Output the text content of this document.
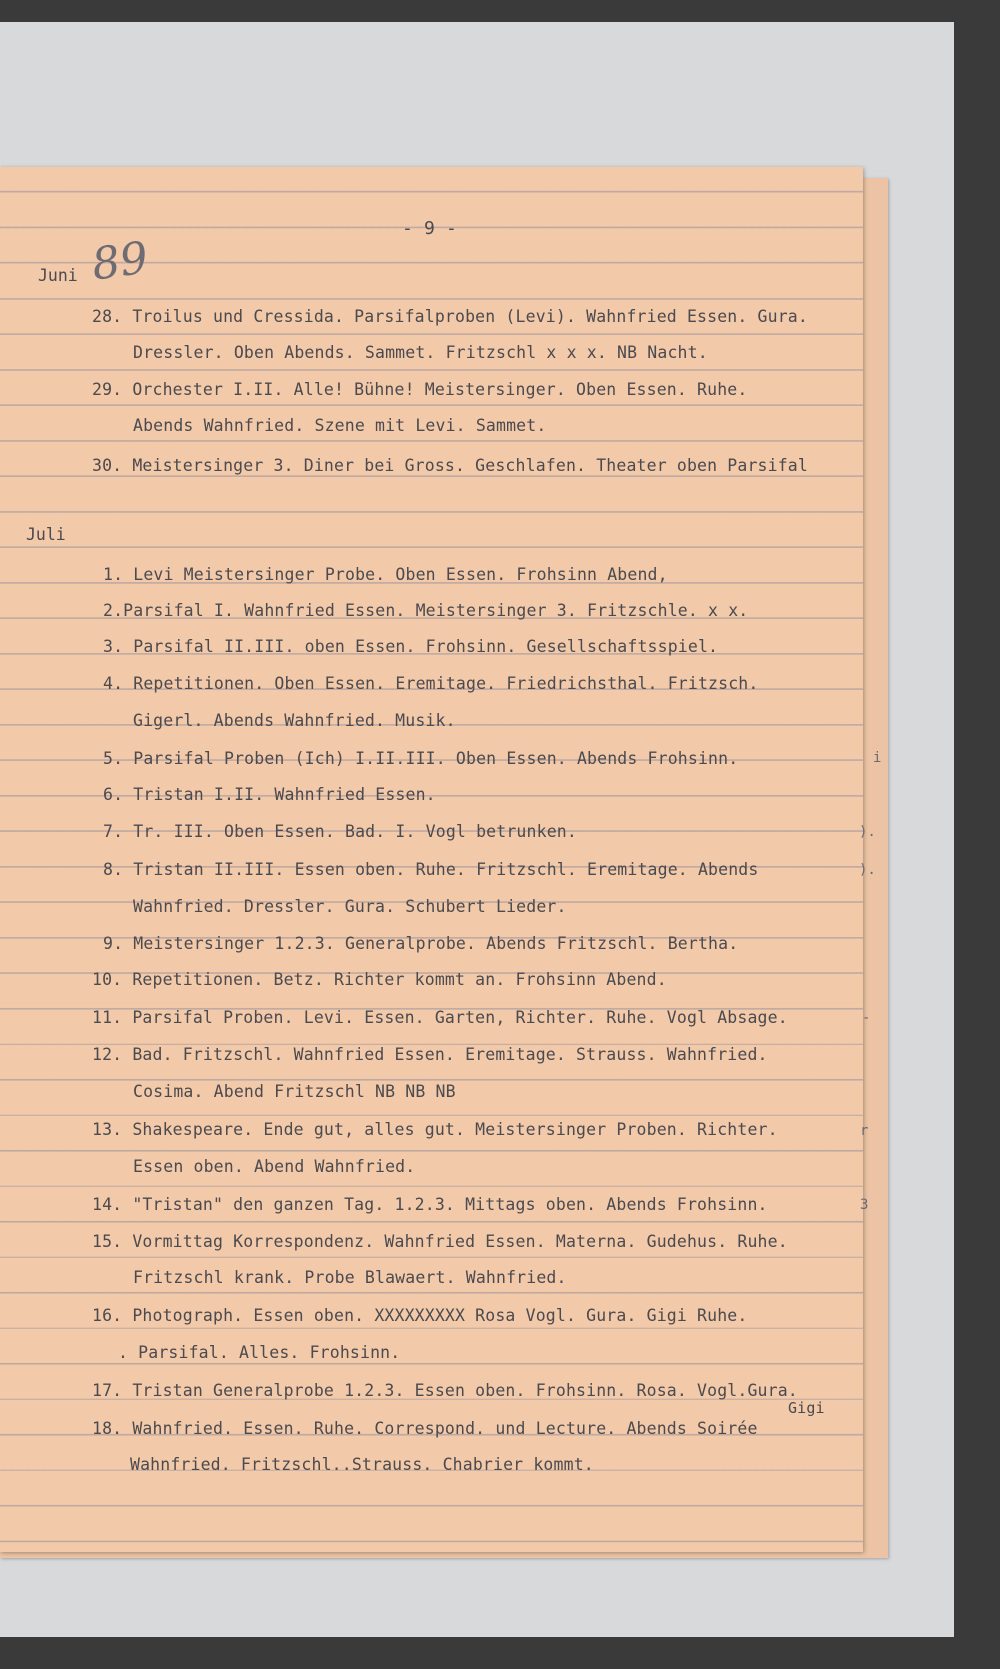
- 9 -
Juni 89
Juli
28. Troilus und Cressida. Parsifalproben (Levi). Wahnfried Essen. Gura.
Dressler. Oben Abends. Sammet. Fritzschl x x x. NB Nacht.
29. Orchester I.II. Alle! Bühne! Meistersinger. Oben Essen. Ruhe.
Abends Wahnfried. Szene mit Levi. Sammet.
30. Meistersinger 3. Diner bei Gross. Geschlafen. Theater oben Parsifal
1. Levi Meistersinger Probe. Oben Essen. Frohsinn Abend,
2.Parsifal I. Wahnfried Essen. Meistersinger 3. Fritzschle. x x.
3. Parsifal II.III. oben Essen. Frohsinn. Gesellschaftsspiel.
4. Repetitionen. Oben Essen. Eremitage. Friedrichsthal. Fritzsch.
Gigerl. Abends Wahnfried. Musik.
5. Parsifal Proben (Ich) I.II.III. Oben Essen. Abends Frohsinn.
6. Tristan I.II. Wahnfried Essen.
7. Tr. III. Oben Essen. Bad. I. Vogl betrunken.
8. Tristan II.III. Essen oben. Ruhe. Fritzschl. Eremitage. Abends
Wahnfried. Dressler. Gura. Schubert Lieder.
9. Meistersinger 1.2.3. Generalprobe. Abends Fritzschl. Bertha.
10. Repetitionen. Betz. Richter kommt an. Frohsinn Abend.
11. Parsifal Proben. Levi. Essen. Garten, Richter. Ruhe. Vogl Absage.
12. Bad. Fritzschl. Wahnfried Essen. Eremitage. Strauss. Wahnfried.
Cosima. Abend Fritzschl NB NB NB
13. Shakespeare. Ende gut, alles gut. Meistersinger Proben. Richter.
Essen oben. Abend Wahnfried.
14. "Tristan" den ganzen Tag. 1.2.3. Mittags oben. Abends Frohsinn.
15. Vormittag Korrespondenz. Wahnfried Essen. Materna. Gudehus. Ruhe.
Fritzschl krank. Probe Blawaert. Wahnfried.
16. Photograph. Essen oben. XXXXXXXXX Rosa Vogl. Gura. Gigi Ruhe.
. Parsifal. Alles. Frohsinn.
17. Tristan Generalprobe 1.2.3. Essen oben. Frohsinn. Rosa. Vogl.Gura.
Gigi
18. Wahnfried. Essen. Ruhe. Correspond. und Lecture. Abends Soirée
Wahnfried. Fritzschl..Strauss. Chabrier kommt.
i
).
).
-
r
3
